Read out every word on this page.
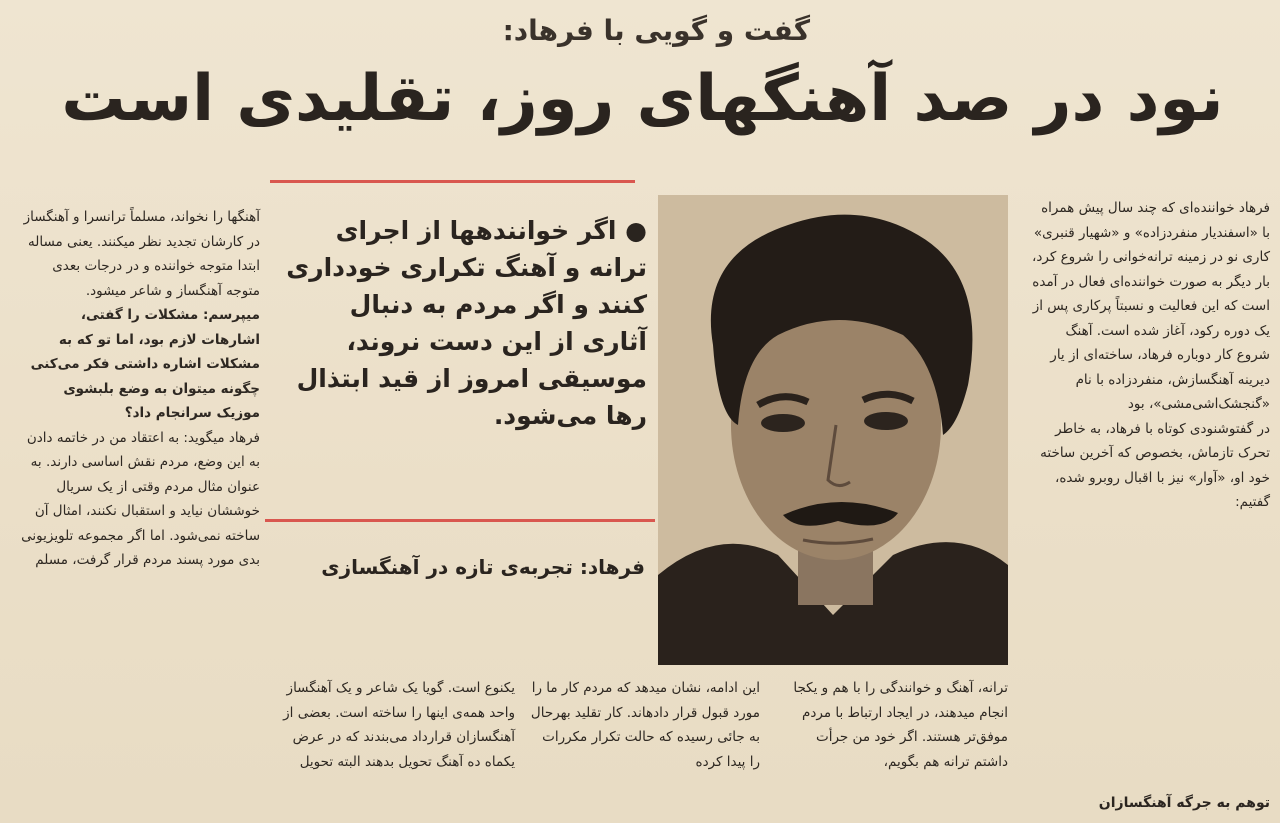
گفت و گویی با فرهاد:
نود در صد آهنگهای روز، تقلیدی است

فرهاد خواننده‌ای که چند سال پیش همراه با «اسفندیار منفردزاده» و «شهیار قنبری» کاری نو در زمینه ترانه‌خوانی را شروع کرد، بار دیگر به صورت خواننده‌ای فعال در آمده است که این فعالیت و نسبتاً پرکاری پس از یک دوره رکود، آغاز شده است. آهنگ شروع کار دوباره فرهاد، ساخته‌ای از یار دیرینه آهنگسازش، منفردزاده با نام «گنجشک‌اشی‌مشی»، بود

در گفتوشنودی کوتاه با فرهاد، به خاطر تحرک تازماش، بخصوص که آخرین ساخته خود او، «آوار» نیز با اقبال روبرو شده، گفتیم:

توهم به جرگه آهنگسازان
● اگر خوانندهها از اجرای ترانه و آهنگ تکراری خودداری کنند و اگر مردم به دنبال آثاری از این دست نروند، موسیقی امروز از قید ابتذال رها می‌شود.
فرهاد: تجربه‌ی تازه در آهنگسازی

آهنگها را نخواند، مسلماً ترانسرا و آهنگساز در کارشان تجدید نظر میکنند. یعنی مساله ابتدا متوجه خواننده و در درجات بعدی متوجه آهنگساز و شاعر میشود.

میپرسم: مشکلات را گفتی، اشارهات لازم بود، اما تو که به مشکلات اشاره داشتی فکر می‌کنی چگونه میتوان به وضع بلبشوی موزیک سرانجام داد؟

فرهاد میگوید: به اعتقاد من در خاتمه دادن به این وضع، مردم نقش اساسی دارند. به عنوان مثال مردم وقتی از یک سریال خوششان نیاید و استقبال نکنند، امثال آن ساخته نمی‌شود. اما اگر مجموعه تلویزیونی بدی مورد پسند مردم قرار گرفت، مسلم

ترانه، آهنگ و خوانندگی را با هم و یکجا انجام میدهند، در ایجاد ارتباط با مردم موفق‌تر هستند. اگر خود من جرأت داشتم ترانه هم بگویم،
این ادامه، نشان میدهد که مردم کار ما را مورد قبول قرار دادهاند. کار تقلید بهرحال به جائی رسیده که حالت تکرار مکررات را پیدا کرده
یکنوع است. گویا یک شاعر و یک آهنگساز واحد همه‌ی اینها را ساخته است. بعضی از آهنگسازان قرارداد می‌بندند که در عرض یکماه ده آهنگ تحویل بدهند البته تحویل
